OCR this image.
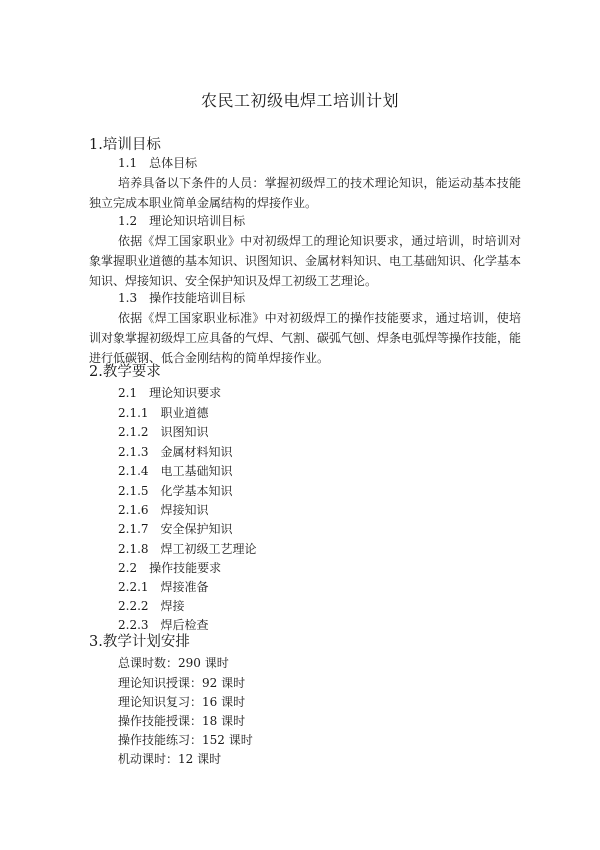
农民工初级电焊工培训计划
1.培训目标
1.1　总体目标
培养具备以下条件的人员：掌握初级焊工的技术理论知识，能运动基本技能独立完成本职业简单金属结构的焊接作业。
1.2　理论知识培训目标
依据《焊工国家职业》中对初级焊工的理论知识要求，通过培训，时培训对象掌握职业道德的基本知识、识图知识、金属材料知识、电工基础知识、化学基本知识、焊接知识、安全保护知识及焊工初级工艺理论。
1.3　操作技能培训目标
依据《焊工国家职业标准》中对初级焊工的操作技能要求，通过培训，使培训对象掌握初级焊工应具备的气焊、气割、碳弧气刨、焊条电弧焊等操作技能，能进行低碳钢、低合金刚结构的简单焊接作业。
2.教学要求
2.1　理论知识要求
2.1.1　职业道德
2.1.2　识图知识
2.1.3　金属材料知识
2.1.4　电工基础知识
2.1.5　化学基本知识
2.1.6　焊接知识
2.1.7　安全保护知识
2.1.8　焊工初级工艺理论
2.2　操作技能要求
2.2.1　焊接准备
2.2.2　焊接
2.2.3　焊后检查
3.教学计划安排
总课时数：290 课时
理论知识授课：92 课时
理论知识复习：16 课时
操作技能授课：18 课时
操作技能练习：152 课时
机动课时：12 课时
